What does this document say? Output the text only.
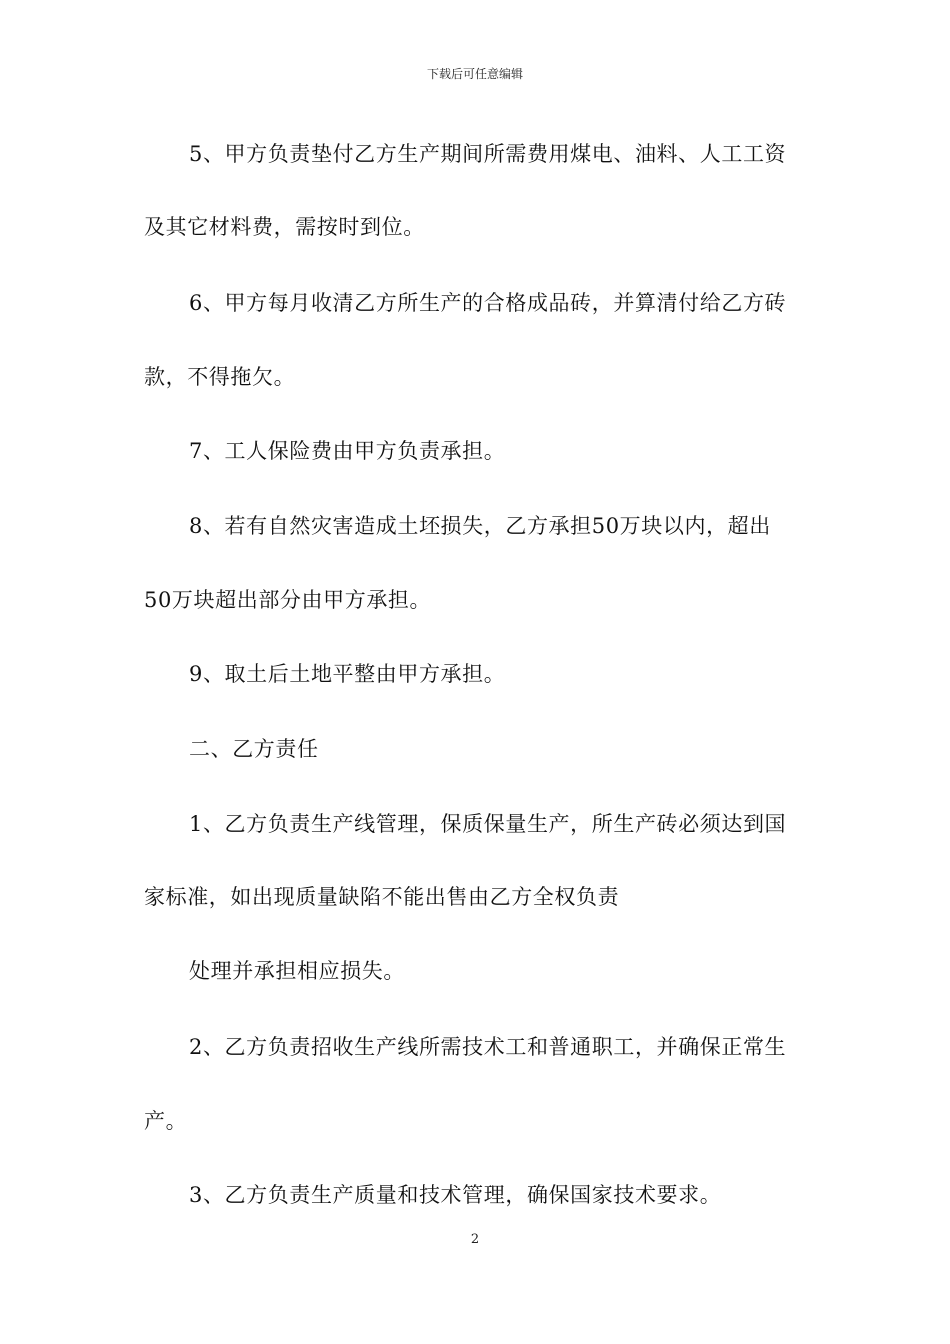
下载后可任意编辑
5、甲方负责垫付乙方生产期间所需费用煤电、油料、人工工资
及其它材料费，需按时到位。
6、甲方每月收清乙方所生产的合格成品砖，并算清付给乙方砖
款，不得拖欠。
7、工人保险费由甲方负责承担。
8、若有自然灾害造成土坯损失，乙方承担50万块以内，超出
50万块超出部分由甲方承担。
9、取土后土地平整由甲方承担。
二、乙方责任
1、乙方负责生产线管理，保质保量生产，所生产砖必须达到国
家标准，如出现质量缺陷不能出售由乙方全权负责
处理并承担相应损失。
2、乙方负责招收生产线所需技术工和普通职工，并确保正常生
产。
3、乙方负责生产质量和技术管理，确保国家技术要求。
2
